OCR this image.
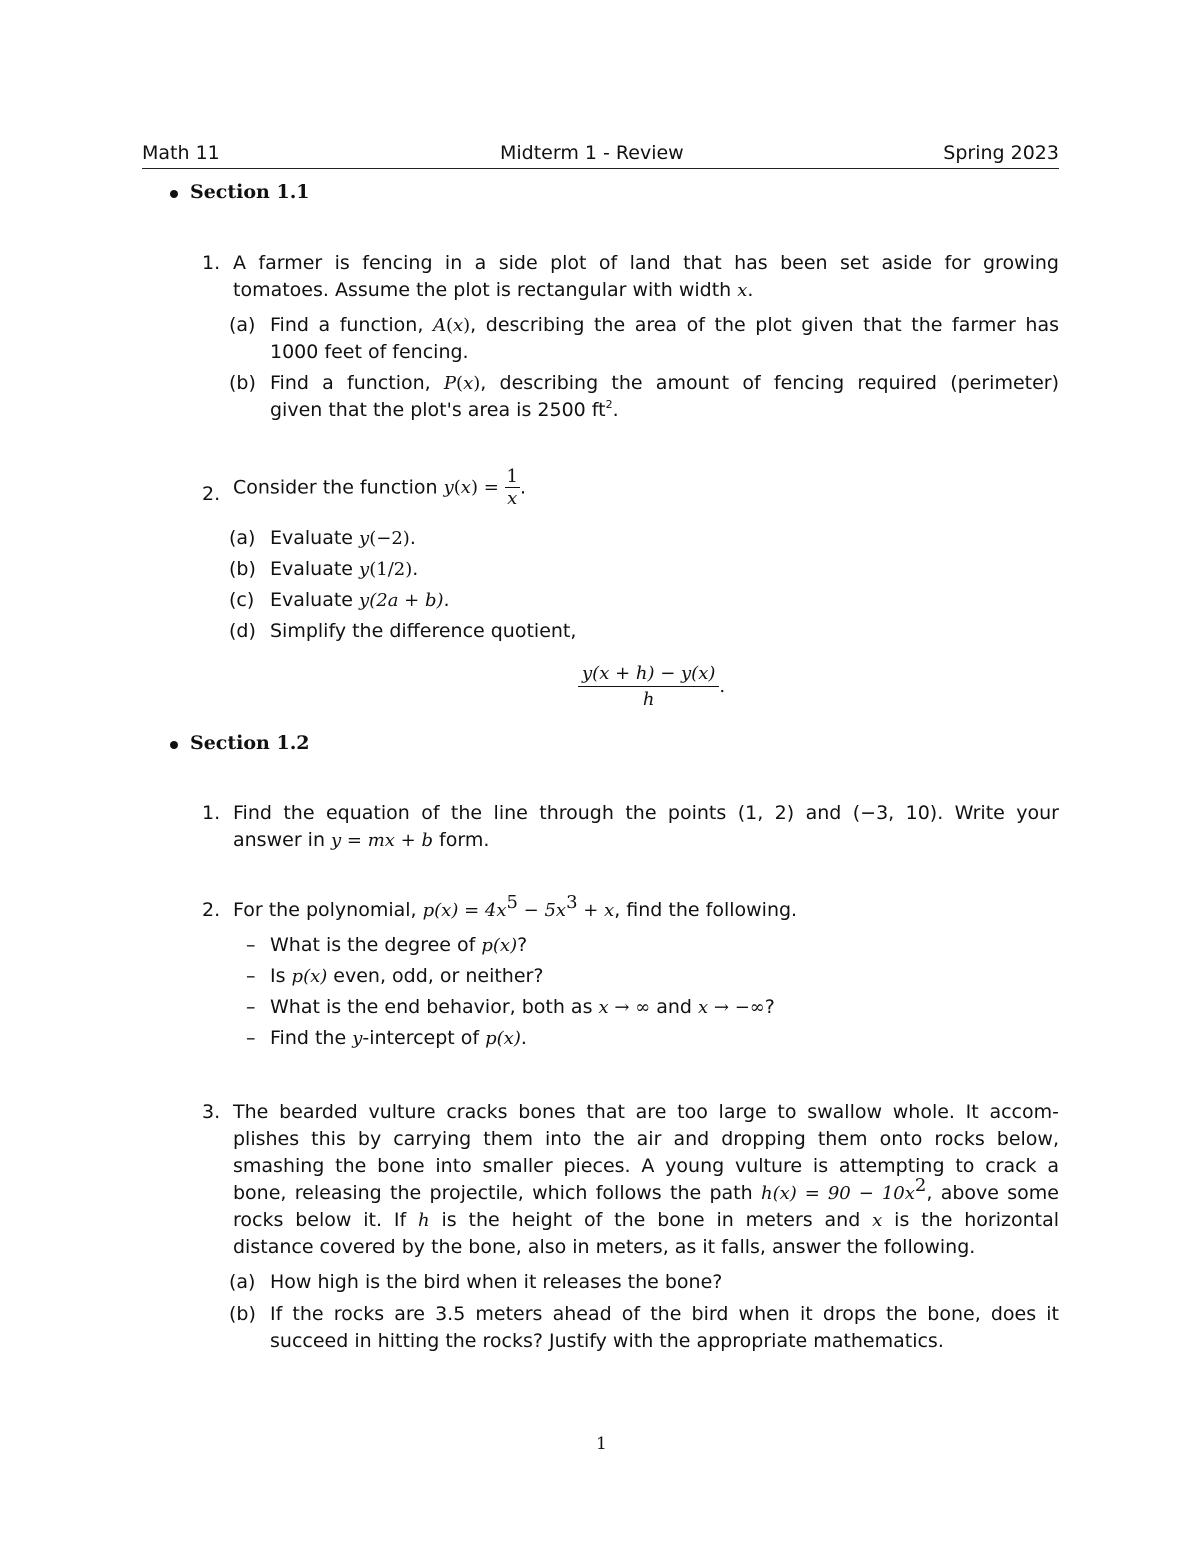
Math 11	Midterm 1 - Review	Spring 2023
Section 1.1
1. A farmer is fencing in a side plot of land that has been set aside for growing
tomatoes. Assume the plot is rectangular with width x.
(a) Find a function, A(x), describing the area of the plot given that the farmer has
1000 feet of fencing.
(b) Find a function, P(x), describing the amount of fencing required (perimeter)
given that the plot's area is 2500 $ft^2$.
2. Consider the function $y(x) = \frac{1}{x}$ .
(a) Evaluate y(−2).
(b) Evaluate y(1/2).
(c) Evaluate y(2a + b).
(d) Simplify the difference quotient,
$\frac{y(x + h) - y(x)}{h}$ .
Section 1.2
1. Find the equation of the line through the points (1, 2) and (−3, 10). Write your
answer in y = mx + b form.
2. For the polynomial, $p(x) = 4x^5 - 5x^3 + x$, find the following.
– What is the degree of p(x)?
– Is p(x) even, odd, or neither?
– What is the end behavior, both as x → ∞ and x → −∞?
– Find the y-intercept of p(x).
3. The bearded vulture cracks bones that are too large to swallow whole. It accom-
plishes this by carrying them into the air and dropping them onto rocks below,
smashing the bone into smaller pieces. A young vulture is attempting to crack a
bone, releasing the projectile, which follows the path $h(x) = 90 - 10x^2$, above some
rocks below it. If h is the height of the bone in meters and x is the horizontal
distance covered by the bone, also in meters, as it falls, answer the following.
(a) How high is the bird when it releases the bone?
(b) If the rocks are 3.5 meters ahead of the bird when it drops the bone, does it
succeed in hitting the rocks? Justify with the appropriate mathematics.
1
